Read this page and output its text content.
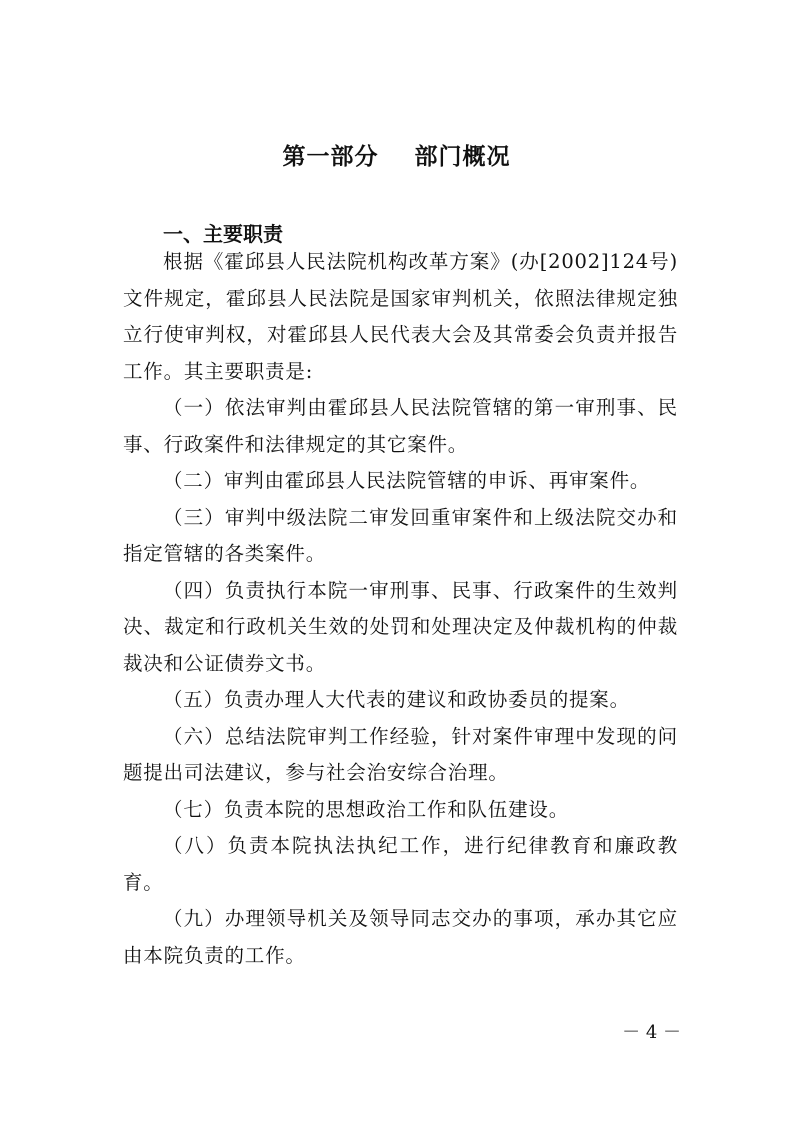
第一部分    部门概况
一、主要职责

根据《霍邱县人民法院机构改革方案》(办[2002]124号)文件规定，霍邱县人民法院是国家审判机关，依照法律规定独立行使审判权，对霍邱县人民代表大会及其常委会负责并报告工作。其主要职责是:

（一）依法审判由霍邱县人民法院管辖的第一审刑事、民事、行政案件和法律规定的其它案件。

（二）审判由霍邱县人民法院管辖的申诉、再审案件。

（三）审判中级法院二审发回重审案件和上级法院交办和指定管辖的各类案件。

（四）负责执行本院一审刑事、民事、行政案件的生效判决、裁定和行政机关生效的处罚和处理决定及仲裁机构的仲裁裁决和公证债券文书。

（五）负责办理人大代表的建议和政协委员的提案。

（六）总结法院审判工作经验，针对案件审理中发现的问题提出司法建议，参与社会治安综合治理。

（七）负责本院的思想政治工作和队伍建设。

（八）负责本院执法执纪工作，进行纪律教育和廉政教育。

（九）办理领导机关及领导同志交办的事项，承办其它应由本院负责的工作。

－ 4 －
